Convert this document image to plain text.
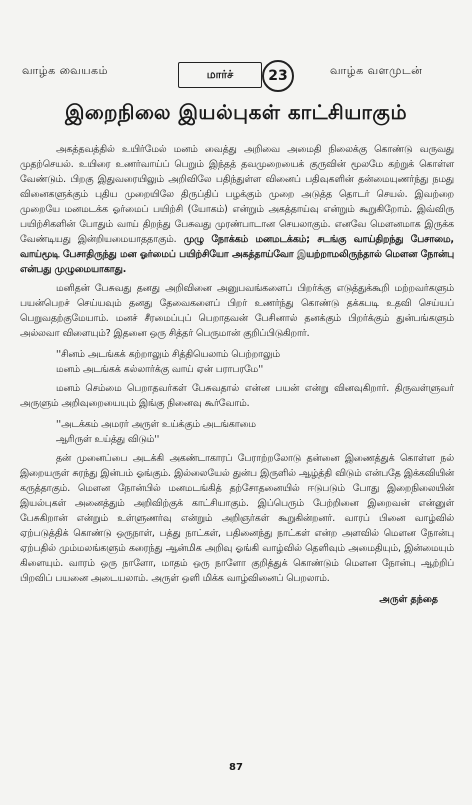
வாழ்க வையகம்	மார்ச்	23	வாழ்க வளமுடன்
இறைநிலை இயல்புகள் காட்சியாகும்

அகத்தவத்தில் உயிர்மேல் மனம் வைத்து அறிவை அமைதி நிலைக்கு கொண்டு வருவது முதற்செயல். உயிரை உணர்வாய்ப் பெறும் இந்தத் தவமுறையைக் குருவின் மூலமே கற்றுக் கொள்ள வேண்டும். பிறகு இதுவரையிலும் அறிவிலே பதிந்துள்ள வினைப் பதிவுகளின் தன்மையுணர்ந்து நமது வினைகளுக்கும் புதிய முறையிலே திருப்திப் பழக்கும் முறை அடுத்த தொடர் செயல். இவற்றை முறையே மனமடக்க ஓர்மைப் பயிற்சி (யோகம்) என்றும் அகத்தாய்வு என்றும் கூறுகிறோம். இவ்விரு பயிற்சிகளின் போதும் வாய் திறந்து பேசுவது முரண்பாடான செயலாகும். எனவே மௌனமாக இருக்க வேண்டியது இன்றியமையாததாகும். முழு நோக்கம் மனமடக்கம்; சடங்கு வாய்திறந்து பேசாமை, வாய்மூடி பேசாதிருந்து மன ஓர்மைப் பயிற்சியோ அகத்தாய்வோ இயற்றாமலிருந்தால் மௌன நோன்பு என்பது முழுமையாகாது.

மனிதன் பேசுவது தனது அறிவினை அனுபவங்களைப் பிறர்க்கு எடுத்துக்கூறி மற்றவர்களும் பயன்பெறச் செய்யவும் தனது தேவைகளைப் பிறர் உணர்ந்து கொண்டு தக்கபடி உதவி செய்யப் பெறுவதற்குமேயாம். மனச் சீரமைப்புப் பெறாதவன் பேசினால் தனக்கும் பிறர்க்கும் துன்பங்களும் அல்லவா விளையும்? இதனை ஒரு சித்தர் பெருமான் குறிப்பிடுகிறார்.

''சினம் அடங்கக் கற்றாலும் சித்தியெலாம் பெற்றாலும்
மனம் அடங்கக் கல்லார்க்கு வாய் ஏன் பராபரமே''

மனம் செம்மை பெறாதவர்கள் பேசுவதால் என்ன பயன் என்று வினவுகிறார். திருவள்ளுவர் அருளும் அறிவுறையையும் இங்கு நினைவு கூர்வோம்.

''அடக்கம் அமரர் அருள் உய்க்கும் அடங்காமை
ஆரிருள் உய்த்து விடும்''

தன் முனைப்பை அடக்கி அகண்டாகாரப் பேராற்றலோடு தன்னை இணைத்துக் கொள்ள நல் இறையருள் சுரந்து இன்பம் ஓங்கும். இல்லையேல் துன்ப இருளில் ஆழ்த்தி விடும் என்பதே இக்கவியின் கருத்தாகும். மௌன நோன்பில் மனமடங்கித் தற்சோதனையில் ஈடுபடும் போது இறைநிலையின் இயல்புகள் அனைத்தும் அறிவிற்குக் காட்சியாகும். இப்பெரும் பேற்றினை இறைவன் என்னுள் பேசுகிறான் என்றும் உள்ளுணர்வு என்றும் அறிஞர்கள் கூறுகின்றனர். வாரப் பினை வாழ்வில் ஏற்படுத்திக் கொண்டு ஒருநாள், பத்து நாட்கள், பதினைந்து நாட்கள் என்ற அளவில் மௌன நோன்பு ஏற்பதில் மும்மலங்களும் கரைந்து ஆன்மிக அறிவு ஓங்கி வாழ்வில் தெளிவும் அமைதியும், இன்மையும் கிளையும். வாரம் ஒரு நாளோ, மாதம் ஒரு நாளோ குறித்துக் கொண்டும் மௌன நோன்பு ஆற்றிப் பிறவிப் பயனை அடையலாம். அருள் ஒளி மிக்க வாழ்வினைப் பெறலாம்.

அருள் தந்தை
87
